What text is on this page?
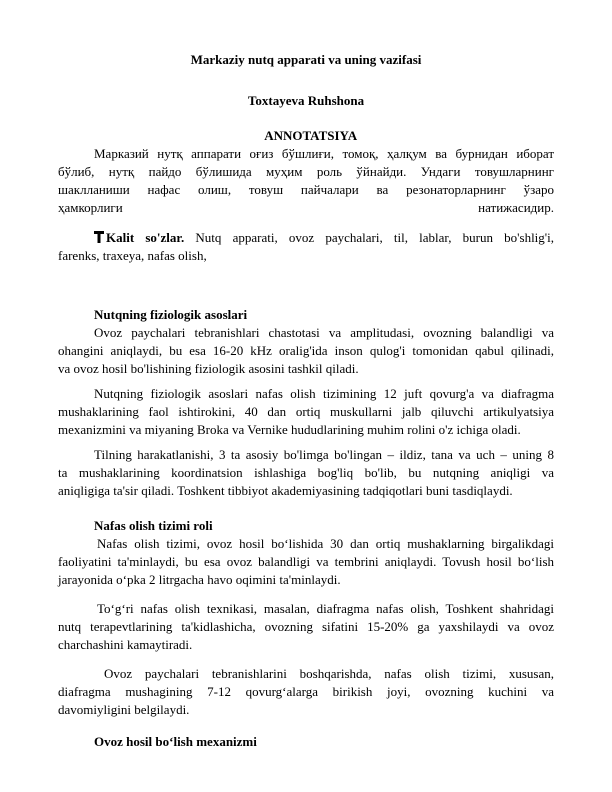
Markaziy nutq apparati va uning vazifasi
Toxtayeva Ruhshona
ANNOTATSIYA
Марказий нутқ аппарати оғиз бўшлиғи, томоқ, ҳалқум ва бурнидан иборат
бўлиб, нутқ пайдо бўлишида муҳим роль ўйнайди. Ундаги товушларнинг
шаклланиши нафас олиш, товуш пайчалари ва резонаторларнинг ўзаро
ҳамкорлиги	натижасидир.
Kalit so'zlar. Nutq apparati, ovoz paychalari, til, lablar, burun bo'shlig'i,
farenks, traxeya, nafas olish,
Nutqning fiziologik asoslari
Ovoz paychalari tebranishlari chastotasi va amplitudasi, ovozning balandligi va
ohangini aniqlaydi, bu esa 16-20 kHz oralig'ida inson qulog'i tomonidan qabul qilinadi,
va ovoz hosil bo'lishining fiziologik asosini tashkil qiladi.
Nutqning fiziologik asoslari nafas olish tizimining 12 juft qovurg'a va diafragma
mushaklarining faol ishtirokini, 40 dan ortiq muskullarni jalb qiluvchi artikulyatsiya
mexanizmini va miyaning Broka va Vernike hududlarining muhim rolini o'z ichiga oladi.
Tilning harakatlanishi, 3 ta asosiy bo'limga bo'lingan – ildiz, tana va uch – uning 8
ta mushaklarining koordinatsion ishlashiga bog'liq bo'lib, bu nutqning aniqligi va
aniqligiga ta'sir qiladi. Toshkent tibbiyot akademiyasining tadqiqotlari buni tasdiqlaydi.
Nafas olish tizimi roli
Nafas olish tizimi, ovoz hosil boʻlishida 30 dan ortiq mushaklarning birgalikdagi
faoliyatini ta'minlaydi, bu esa ovoz balandligi va tembrini aniqlaydi. Tovush hosil boʻlish
jarayonida oʻpka 2 litrgacha havo oqimini ta'minlaydi.
Toʻgʻri nafas olish texnikasi, masalan, diafragma nafas olish, Toshkent shahridagi
nutq terapevtlarining ta'kidlashicha, ovozning sifatini 15-20% ga yaxshilaydi va ovoz
charchashini kamaytiradi.
Ovoz paychalari tebranishlarini boshqarishda, nafas olish tizimi, xususan,
diafragma mushagining 7-12 qovurgʻalarga birikish joyi, ovozning kuchini va
davomiyligini belgilaydi.
Ovoz hosil boʻlish mexanizmi
